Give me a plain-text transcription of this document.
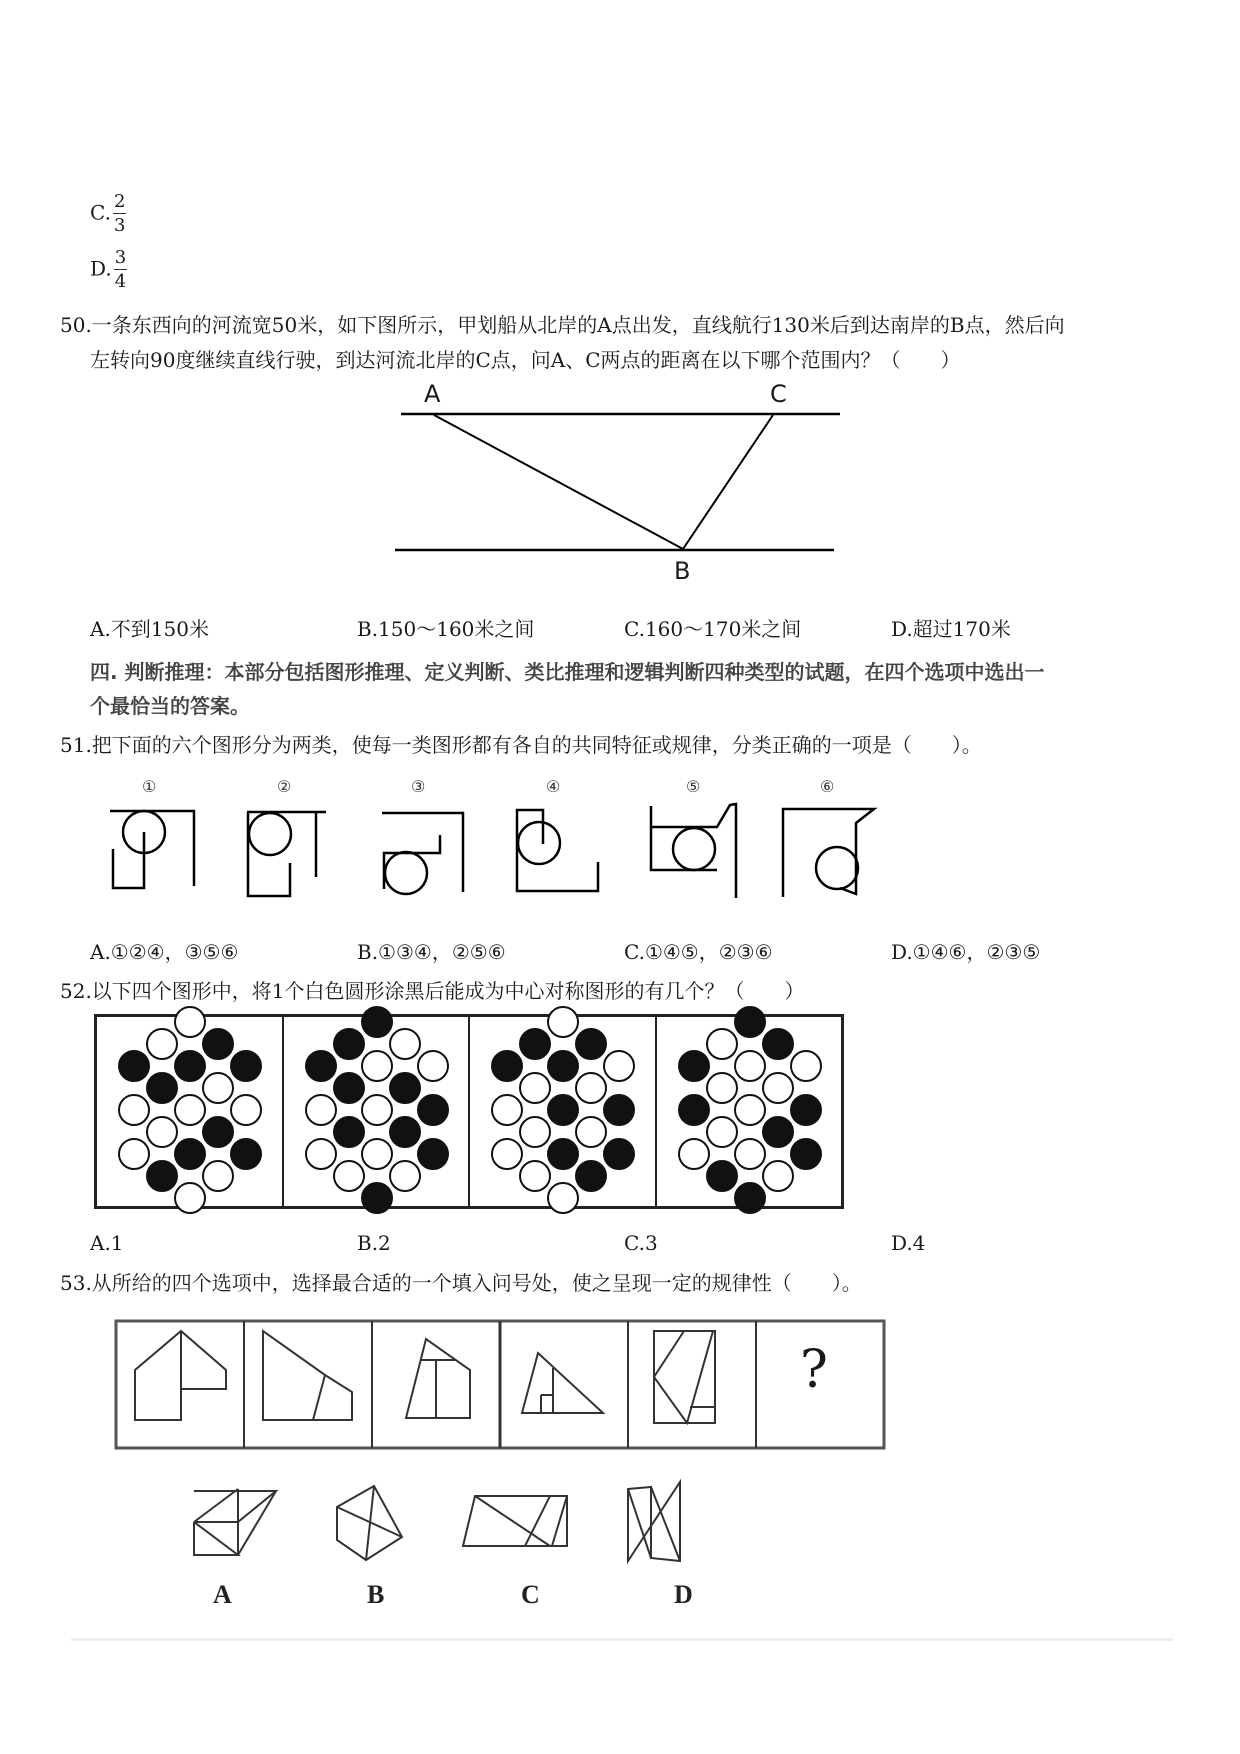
C. $\frac{2}{3}$
D. $\frac{3}{4}$
50.一条东西向的河流宽50米，如下图所示，甲划船从北岸的A点出发，直线航行130米后到达南岸的B点，然后向
左转向90度继续直线行驶，到达河流北岸的C点，问A、C两点的距离在以下哪个范围内？（　　）
A	C
B
A.不到150米	B.150～160米之间	C.160～170米之间	D.超过170米
四. 判断推理：本部分包括图形推理、定义判断、类比推理和逻辑判断四种类型的试题，在四个选项中选出一
个最恰当的答案。
51.把下面的六个图形分为两类，使每一类图形都有各自的共同特征或规律，分类正确的一项是（　　）。
①	②	③	④	⑤	⑥
A.①②④，③⑤⑥	B.①③④，②⑤⑥	C.①④⑤，②③⑥	D.①④⑥，②③⑤
52.以下四个图形中，将1个白色圆形涂黑后能成为中心对称图形的有几个？（　　）
A.1	B.2	C.3	D.4
53.从所给的四个选项中，选择最合适的一个填入问号处，使之呈现一定的规律性（　　）。
?
A	B	C	D
